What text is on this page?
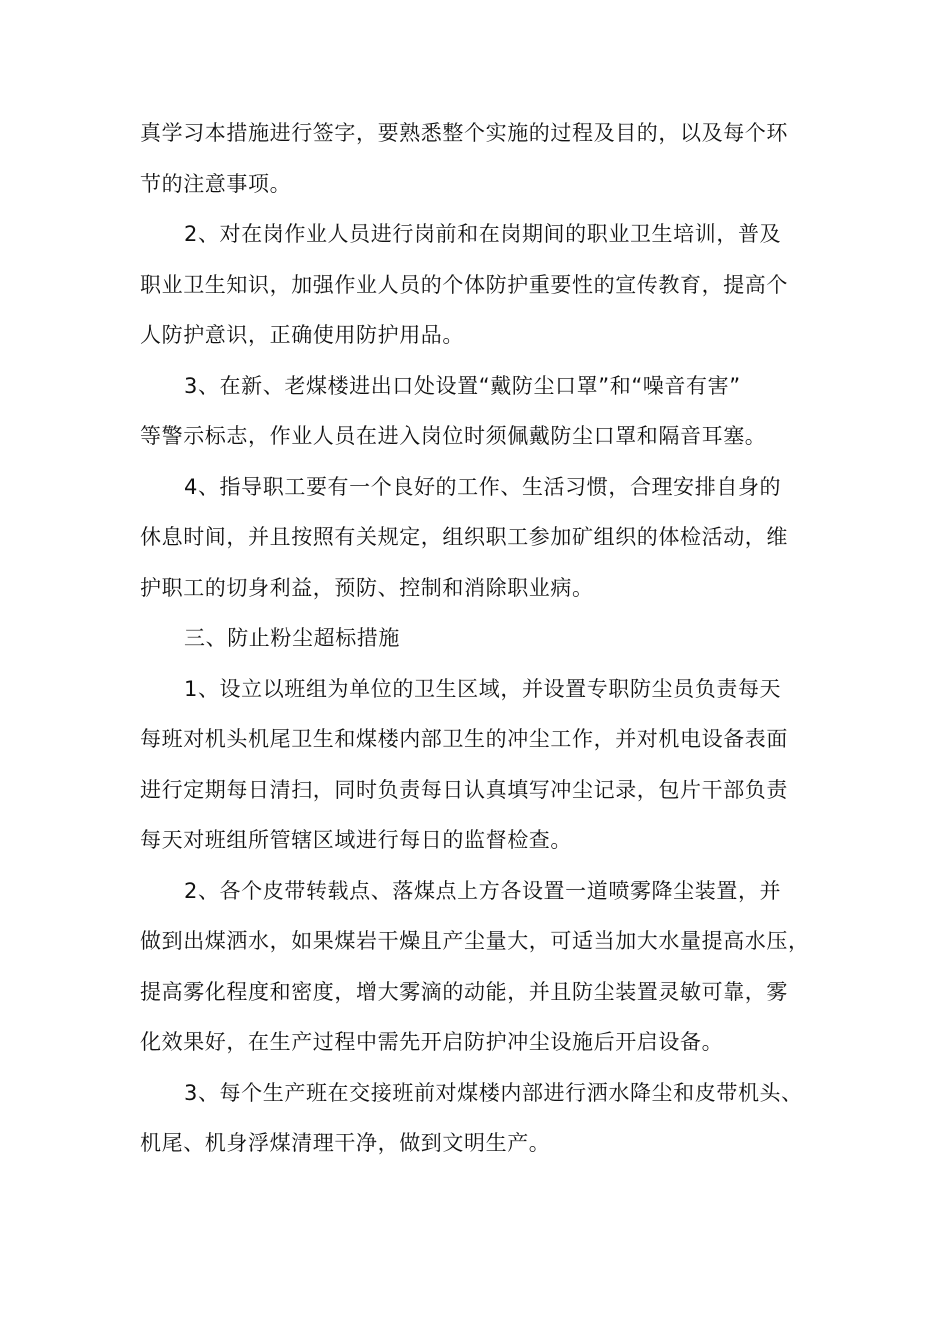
真学习本措施进行签字，要熟悉整个实施的过程及目的，以及每个环
节的注意事项。
2、对在岗作业人员进行岗前和在岗期间的职业卫生培训，普及
职业卫生知识，加强作业人员的个体防护重要性的宣传教育，提高个
人防护意识，正确使用防护用品。
3、在新、老煤楼进出口处设置“戴防尘口罩”和“噪音有害”
等警示标志，作业人员在进入岗位时须佩戴防尘口罩和隔音耳塞。
4、指导职工要有一个良好的工作、生活习惯，合理安排自身的
休息时间，并且按照有关规定，组织职工参加矿组织的体检活动，维
护职工的切身利益，预防、控制和消除职业病。
三、防止粉尘超标措施
1、设立以班组为单位的卫生区域，并设置专职防尘员负责每天
每班对机头机尾卫生和煤楼内部卫生的冲尘工作，并对机电设备表面
进行定期每日清扫，同时负责每日认真填写冲尘记录，包片干部负责
每天对班组所管辖区域进行每日的监督检查。
2、各个皮带转载点、落煤点上方各设置一道喷雾降尘装置，并
做到出煤洒水，如果煤岩干燥且产尘量大，可适当加大水量提高水压，
提高雾化程度和密度，增大雾滴的动能，并且防尘装置灵敏可靠，雾
化效果好，在生产过程中需先开启防护冲尘设施后开启设备。
3、每个生产班在交接班前对煤楼内部进行洒水降尘和皮带机头、
机尾、机身浮煤清理干净，做到文明生产。
